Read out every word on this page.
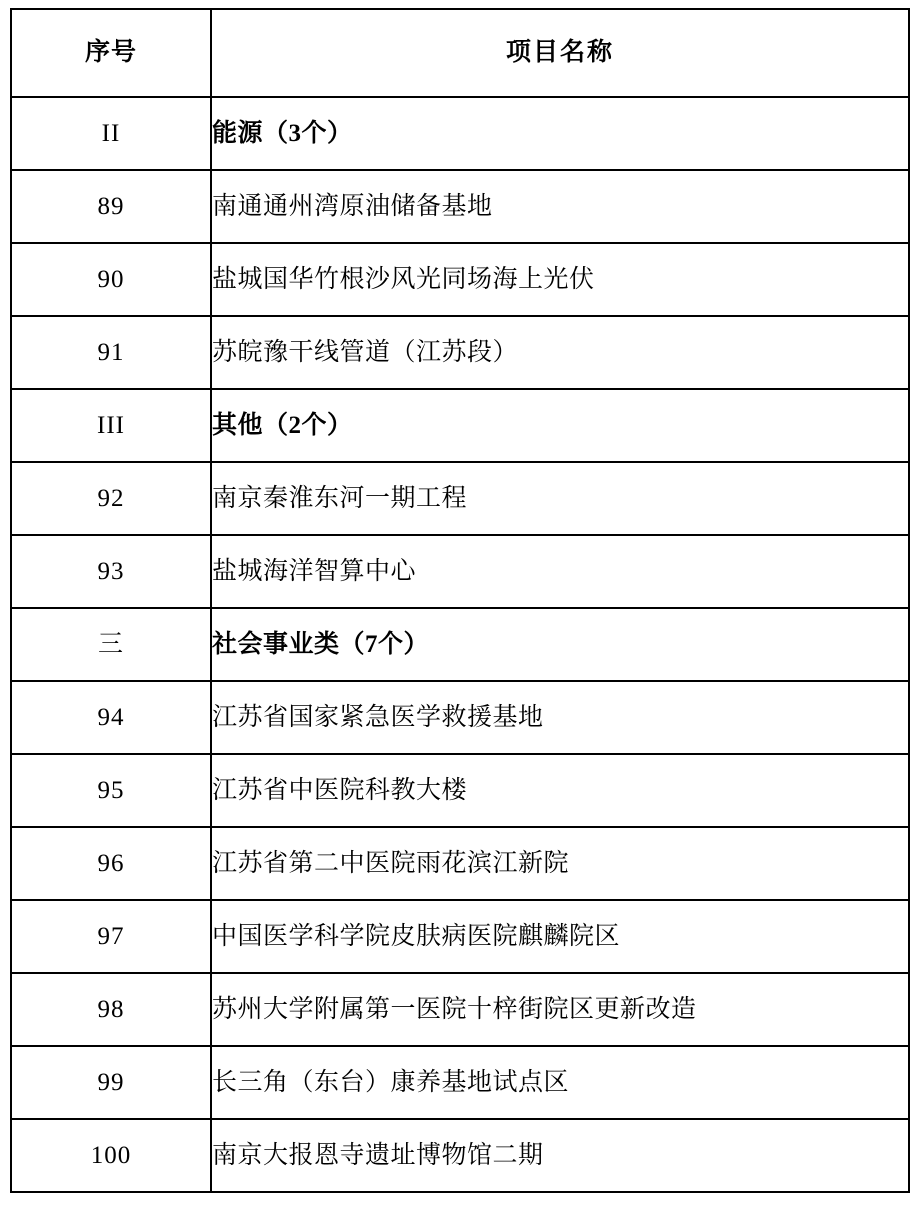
序号	项目名称
II	能源（3个）
89	南通通州湾原油储备基地
90	盐城国华竹根沙风光同场海上光伏
91	苏皖豫干线管道（江苏段）
III	其他（2个）
92	南京秦淮东河一期工程
93	盐城海洋智算中心
三	社会事业类（7个）
94	江苏省国家紧急医学救援基地
95	江苏省中医院科教大楼
96	江苏省第二中医院雨花滨江新院
97	中国医学科学院皮肤病医院麒麟院区
98	苏州大学附属第一医院十梓街院区更新改造
99	长三角（东台）康养基地试点区
100	南京大报恩寺遗址博物馆二期
